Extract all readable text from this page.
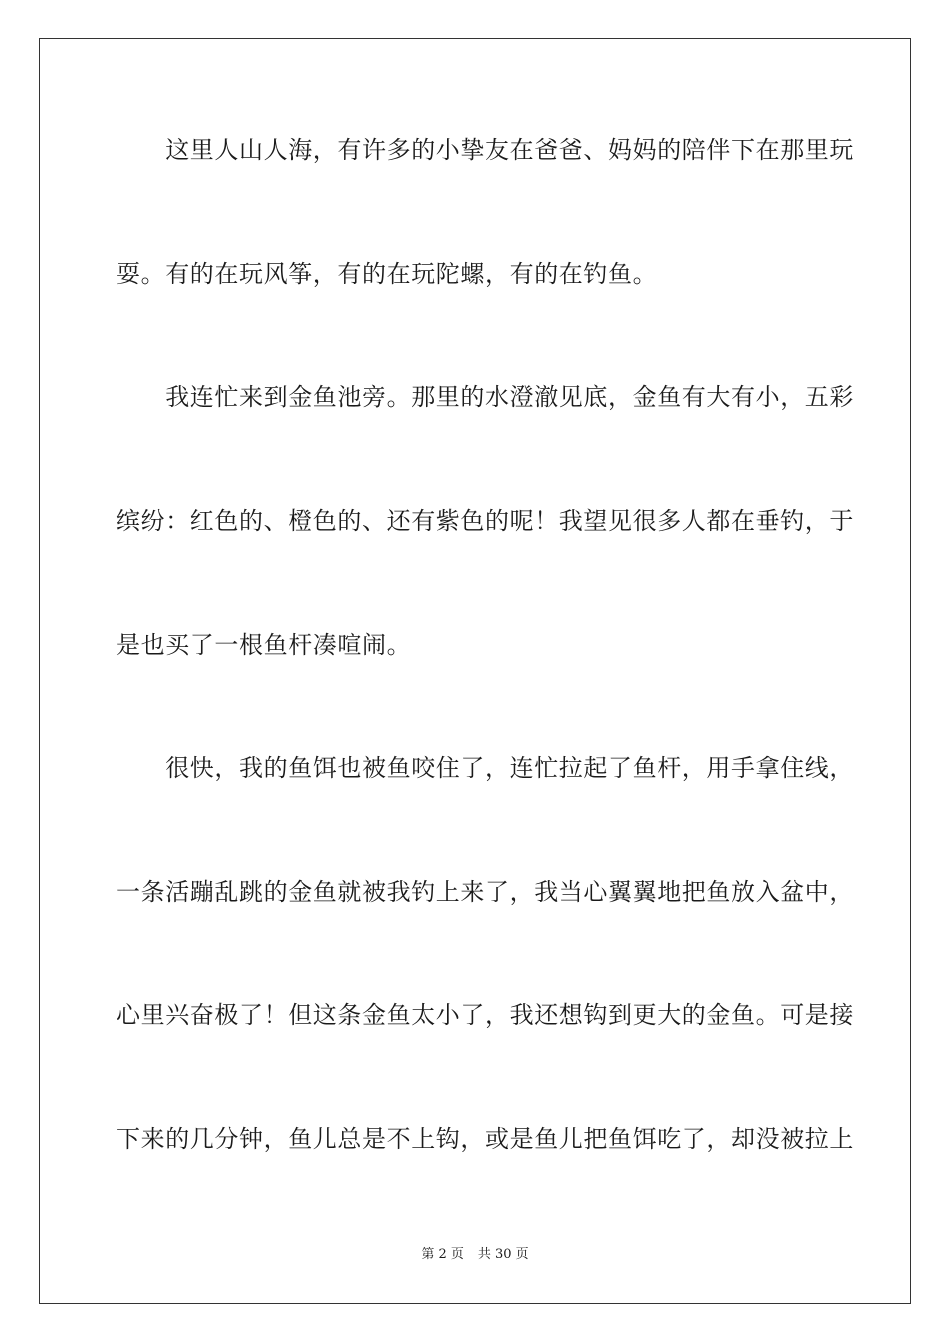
　　这里人山人海，有许多的小挚友在爸爸、妈妈的陪伴下在那里玩
耍。有的在玩风筝，有的在玩陀螺，有的在钓鱼。
　　我连忙来到金鱼池旁。那里的水澄澈见底，金鱼有大有小，五彩
缤纷：红色的、橙色的、还有紫色的呢！我望见很多人都在垂钓，于
是也买了一根鱼杆凑喧闹。
　　很快，我的鱼饵也被鱼咬住了，连忙拉起了鱼杆，用手拿住线，
一条活蹦乱跳的金鱼就被我钓上来了，我当心翼翼地把鱼放入盆中，
心里兴奋极了！但这条金鱼太小了，我还想钩到更大的金鱼。可是接
下来的几分钟，鱼儿总是不上钩，或是鱼儿把鱼饵吃了，却没被拉上
第 2 页 共 30 页
